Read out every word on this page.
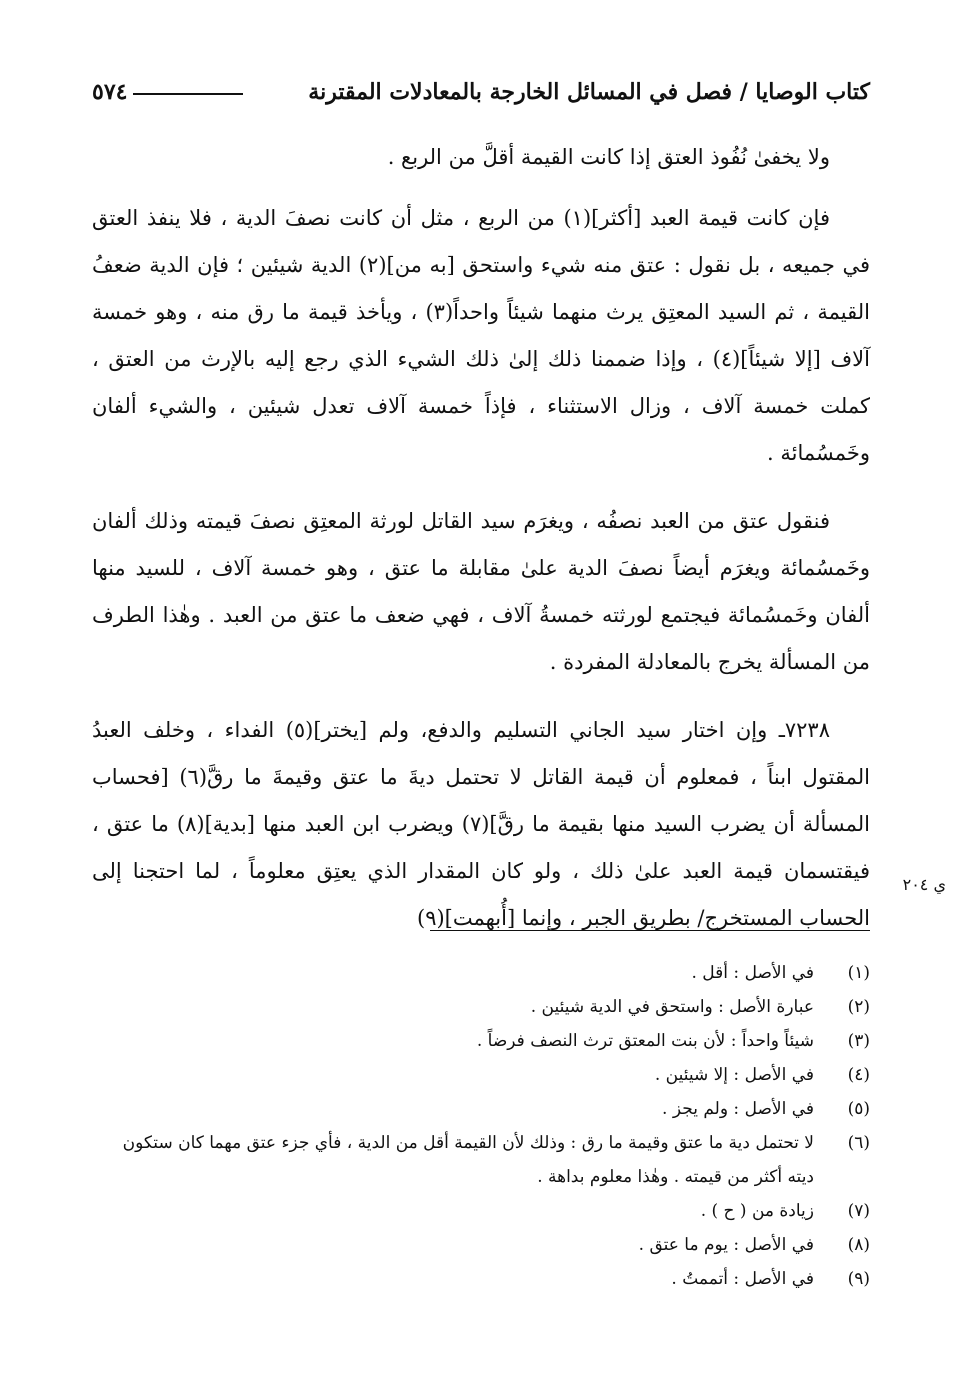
كتاب الوصايا / فصل في المسائل الخارجة بالمعادلات المقترنة
٥٧٤

ولا يخفىٰ نُفُوذ العتق إذا كانت القيمة أقلَّ من الربع .

فإن كانت قيمة العبد [أكثر](١) من الربع ، مثل أن كانت نصفَ الدية ، فلا ينفذ العتق في جميعه ، بل نقول : عتق منه شيء واستحق [به من](٢) الدية شيئين ؛ فإن الدية ضعفُ القيمة ، ثم السيد المعتِق يرث منهما شيئاً واحداً(٣) ، ويأخذ قيمة ما رق منه ، وهو خمسة آلاف [إلا شيئاً](٤) ، وإذا ضممنا ذلك إلىٰ ذلك الشيء الذي رجع إليه بالإرث من العتق ، كملت خمسة آلاف ، وزال الاستثناء ، فإذاً خمسة آلاف تعدل شيئين ، والشيء ألفان وخَمسُمائة .

فنقول عتق من العبد نصفُه ، ويغرَم سيد القاتل لورثة المعتِق نصفَ قيمته وذلك ألفان وخَمسُمائة ويغرَم أيضاً نصفَ الدية علىٰ مقابلة ما عتق ، وهو خمسة آلاف ، للسيد منها ألفان وخَمسُمائة فيجتمع لورثته خمسةُ آلاف ، فهي ضعف ما عتق من العبد . وهٰذا الطرف من المسألة يخرج بالمعادلة المفردة .

٧٢٣٨ـ وإن اختار سيد الجاني التسليم والدفع، ولم [يختر](٥) الفداء ، وخلف العبدُ المقتول ابناً ، فمعلوم أن قيمة القاتل لا تحتمل ديةَ ما عتق وقيمةَ ما رقَّ(٦) [فحساب المسألة أن يضرب السيد منها بقيمة ما رقَّ](٧) ويضرب ابن العبد منها [بدية](٨) ما عتق ، فيقتسمان قيمة العبد علىٰ ذلك ، ولو كان المقدار الذي يعتِق معلوماً ، لما احتجنا إلى الحساب المستخرج/ بطريق الجبر ، وإنما [أُبهمت](٩)

ي ٢٠٤
(١)
في الأصل : أقل .
(٢)
عبارة الأصل : واستحق في الدية شيئين .
(٣)
شيئاً واحداً : لأن بنت المعتق ترث النصف فرضاً .
(٤)
في الأصل : إلا شيئين .
(٥)
في الأصل : ولم يجز .
(٦)
لا تحتمل دية ما عتق وقيمة ما رق : وذلك لأن القيمة أقل من الدية ، فأي جزء عتق مهما كان ستكون ديته أكثر من قيمته . وهٰذا معلوم بداهة .
(٧)
زيادة من ( ح ) .
(٨)
في الأصل : يوم ما عتق .
(٩)
في الأصل : أتممتُ .
